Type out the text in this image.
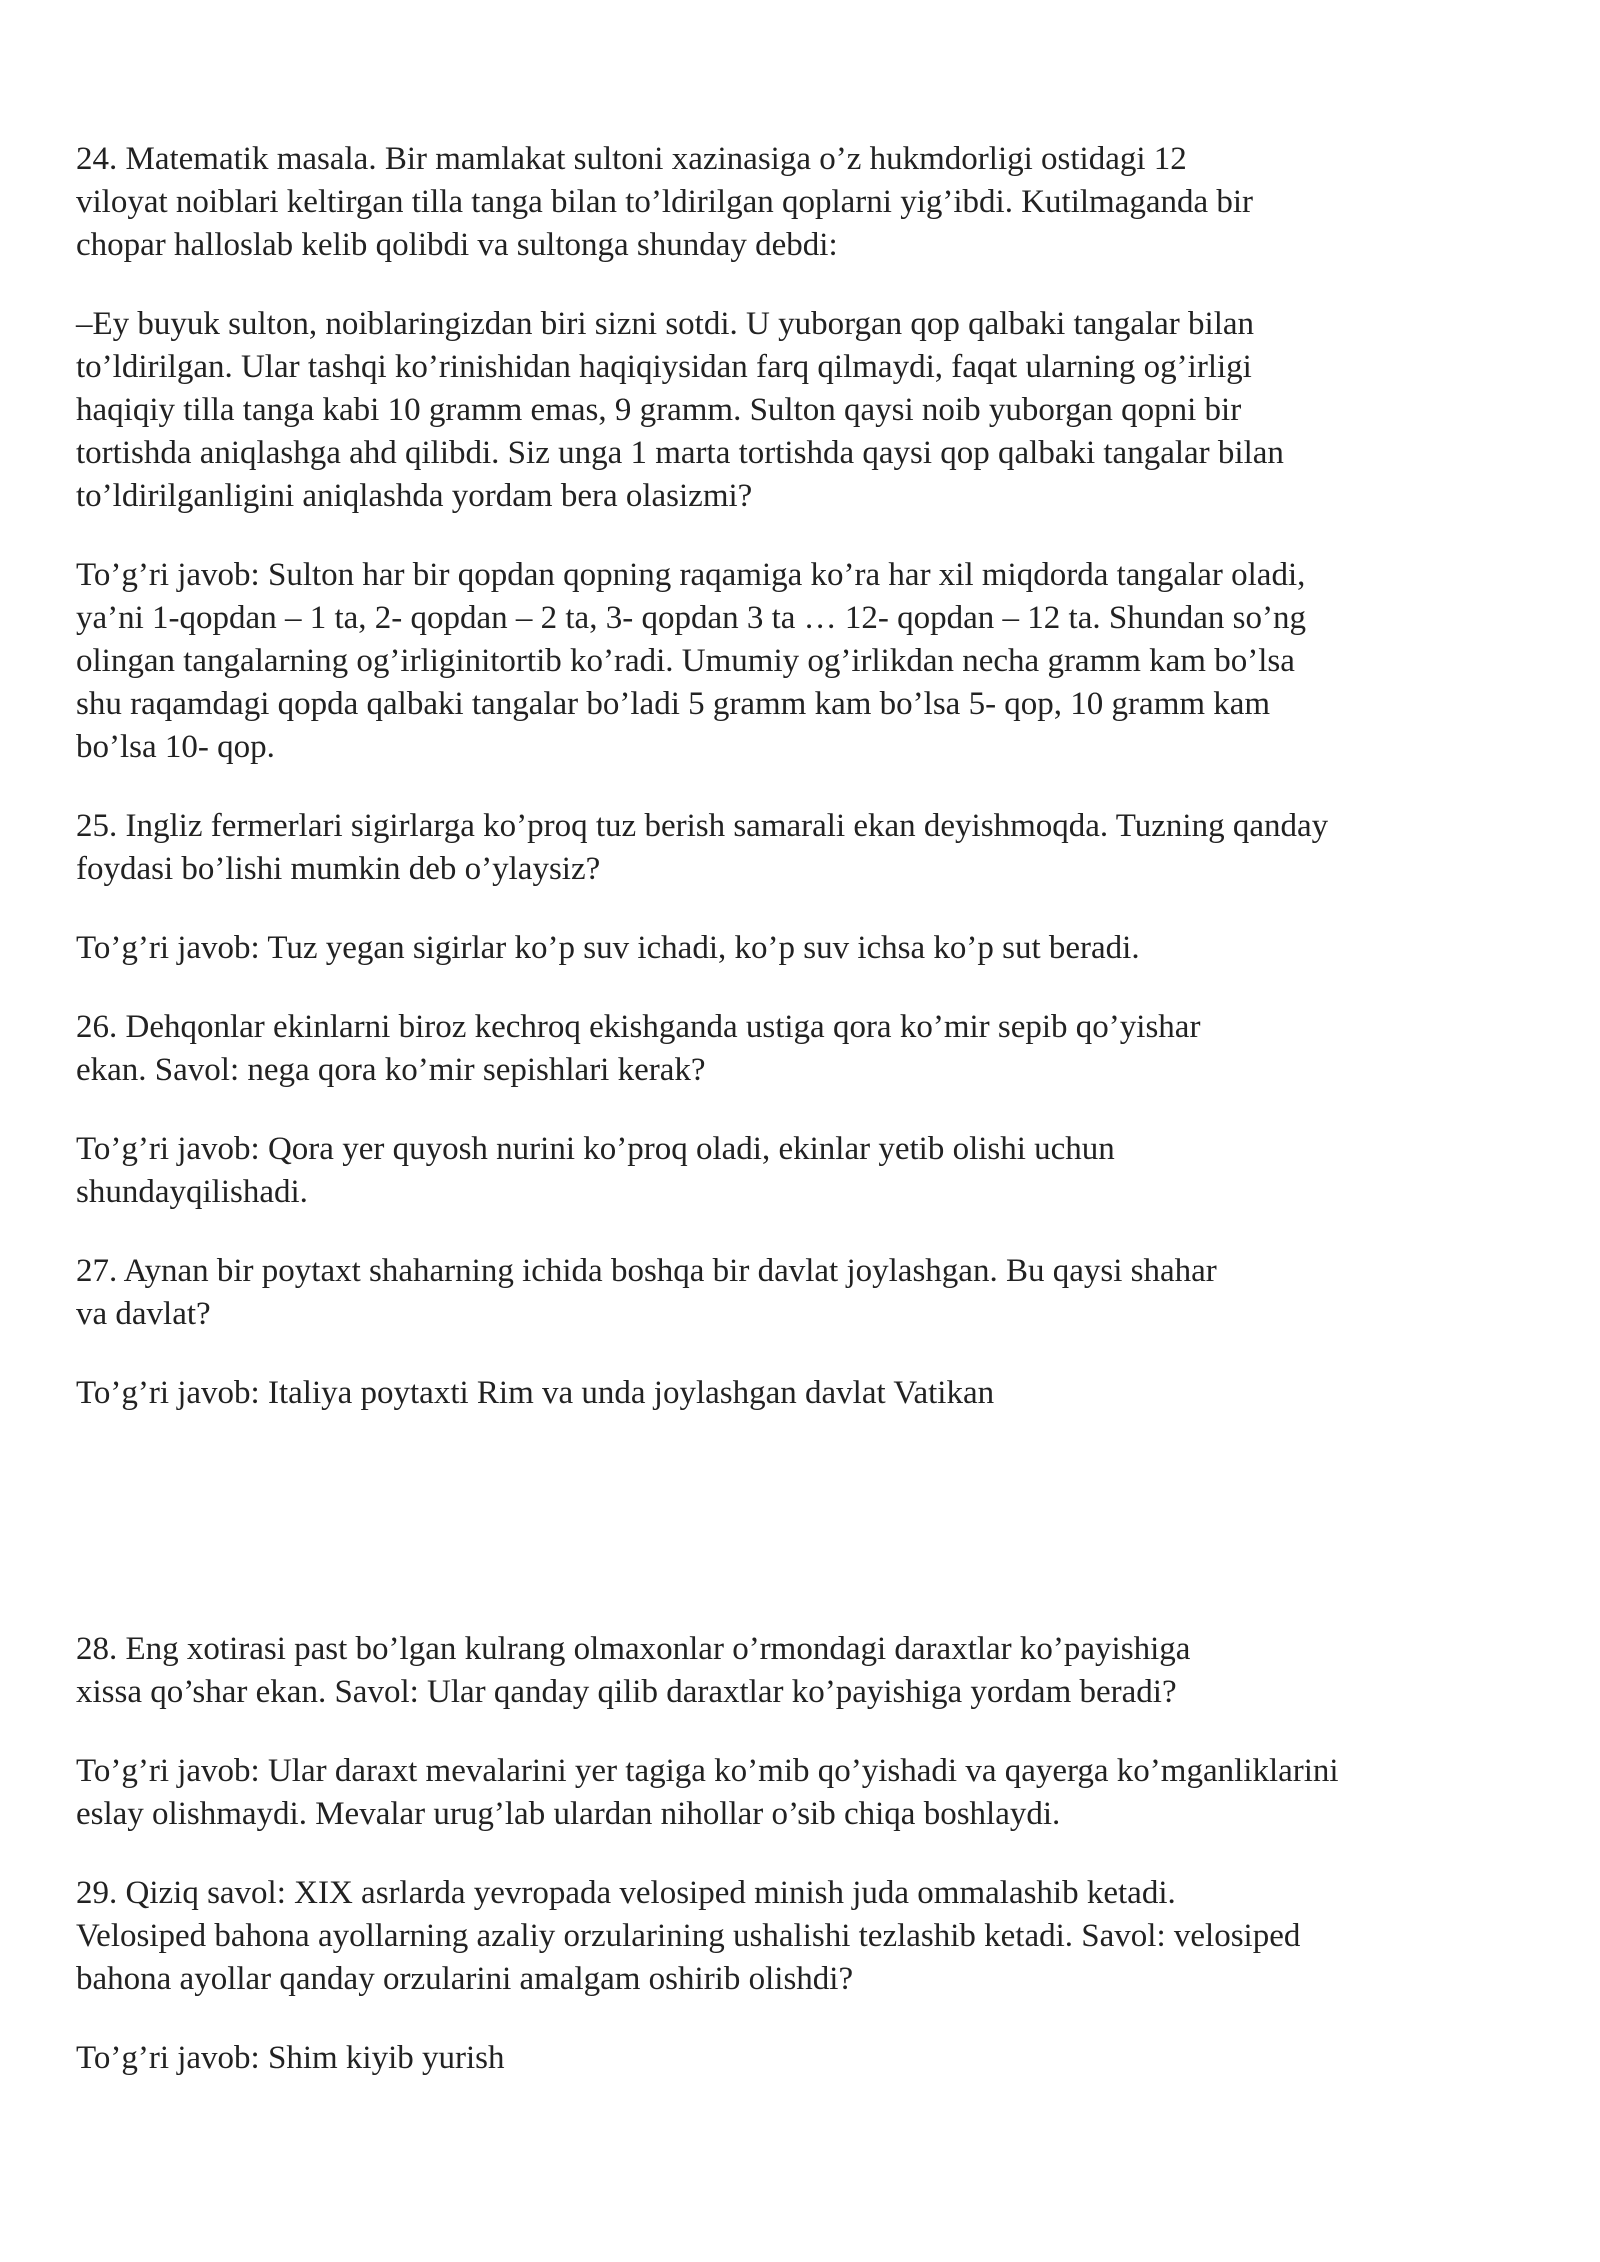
24. Matematik masala. Bir mamlakat sultoni xazinasiga o’z hukmdorligi ostidagi 12
viloyat noiblari keltirgan tilla tanga bilan to’ldirilgan qoplarni yig’ibdi. Kutilmaganda bir
chopar halloslab kelib qolibdi va sultonga shunday debdi:

–Ey buyuk sulton, noiblaringizdan biri sizni sotdi. U yuborgan qop qalbaki tangalar bilan
to’ldirilgan. Ular tashqi ko’rinishidan haqiqiysidan farq qilmaydi, faqat ularning og’irligi
haqiqiy tilla tanga kabi 10 gramm emas, 9 gramm. Sulton qaysi noib yuborgan qopni bir
tortishda aniqlashga ahd qilibdi. Siz unga 1 marta tortishda qaysi qop qalbaki tangalar bilan
to’ldirilganligini aniqlashda yordam bera olasizmi?

To’g’ri javob: Sulton har bir qopdan qopning raqamiga ko’ra har xil miqdorda tangalar oladi,
ya’ni 1-qopdan – 1 ta, 2- qopdan – 2 ta, 3- qopdan 3 ta … 12- qopdan – 12 ta. Shundan so’ng
olingan tangalarning og’irliginitortib ko’radi. Umumiy og’irlikdan necha gramm kam bo’lsa
shu raqamdagi qopda qalbaki tangalar bo’ladi 5 gramm kam bo’lsa 5- qop, 10 gramm kam
bo’lsa 10- qop.

25. Ingliz fermerlari sigirlarga ko’proq tuz berish samarali ekan deyishmoqda. Tuzning qanday
foydasi bo’lishi mumkin deb o’ylaysiz?

To’g’ri javob: Tuz yegan sigirlar ko’p suv ichadi, ko’p suv ichsa ko’p sut beradi.

26. Dehqonlar ekinlarni biroz kechroq ekishganda ustiga qora ko’mir sepib qo’yishar
ekan. Savol: nega qora ko’mir sepishlari kerak?

To’g’ri javob: Qora yer quyosh nurini ko’proq oladi, ekinlar yetib olishi uchun
shundayqilishadi.

27. Aynan bir poytaxt shaharning ichida boshqa bir davlat joylashgan. Bu qaysi shahar
va davlat?

To’g’ri javob: Italiya poytaxti Rim va unda joylashgan davlat Vatikan

28. Eng xotirasi past bo’lgan kulrang olmaxonlar o’rmondagi daraxtlar ko’payishiga
xissa qo’shar ekan. Savol: Ular qanday qilib daraxtlar ko’payishiga yordam beradi?

To’g’ri javob: Ular daraxt mevalarini yer tagiga ko’mib qo’yishadi va qayerga ko’mganliklarini
eslay olishmaydi. Mevalar urug’lab ulardan nihollar o’sib chiqa boshlaydi.

29. Qiziq savol: XIX asrlarda yevropada velosiped minish juda ommalashib ketadi.
Velosiped bahona ayollarning azaliy orzularining ushalishi tezlashib ketadi. Savol: velosiped
bahona ayollar qanday orzularini amalgam oshirib olishdi?

To’g’ri javob: Shim kiyib yurish
